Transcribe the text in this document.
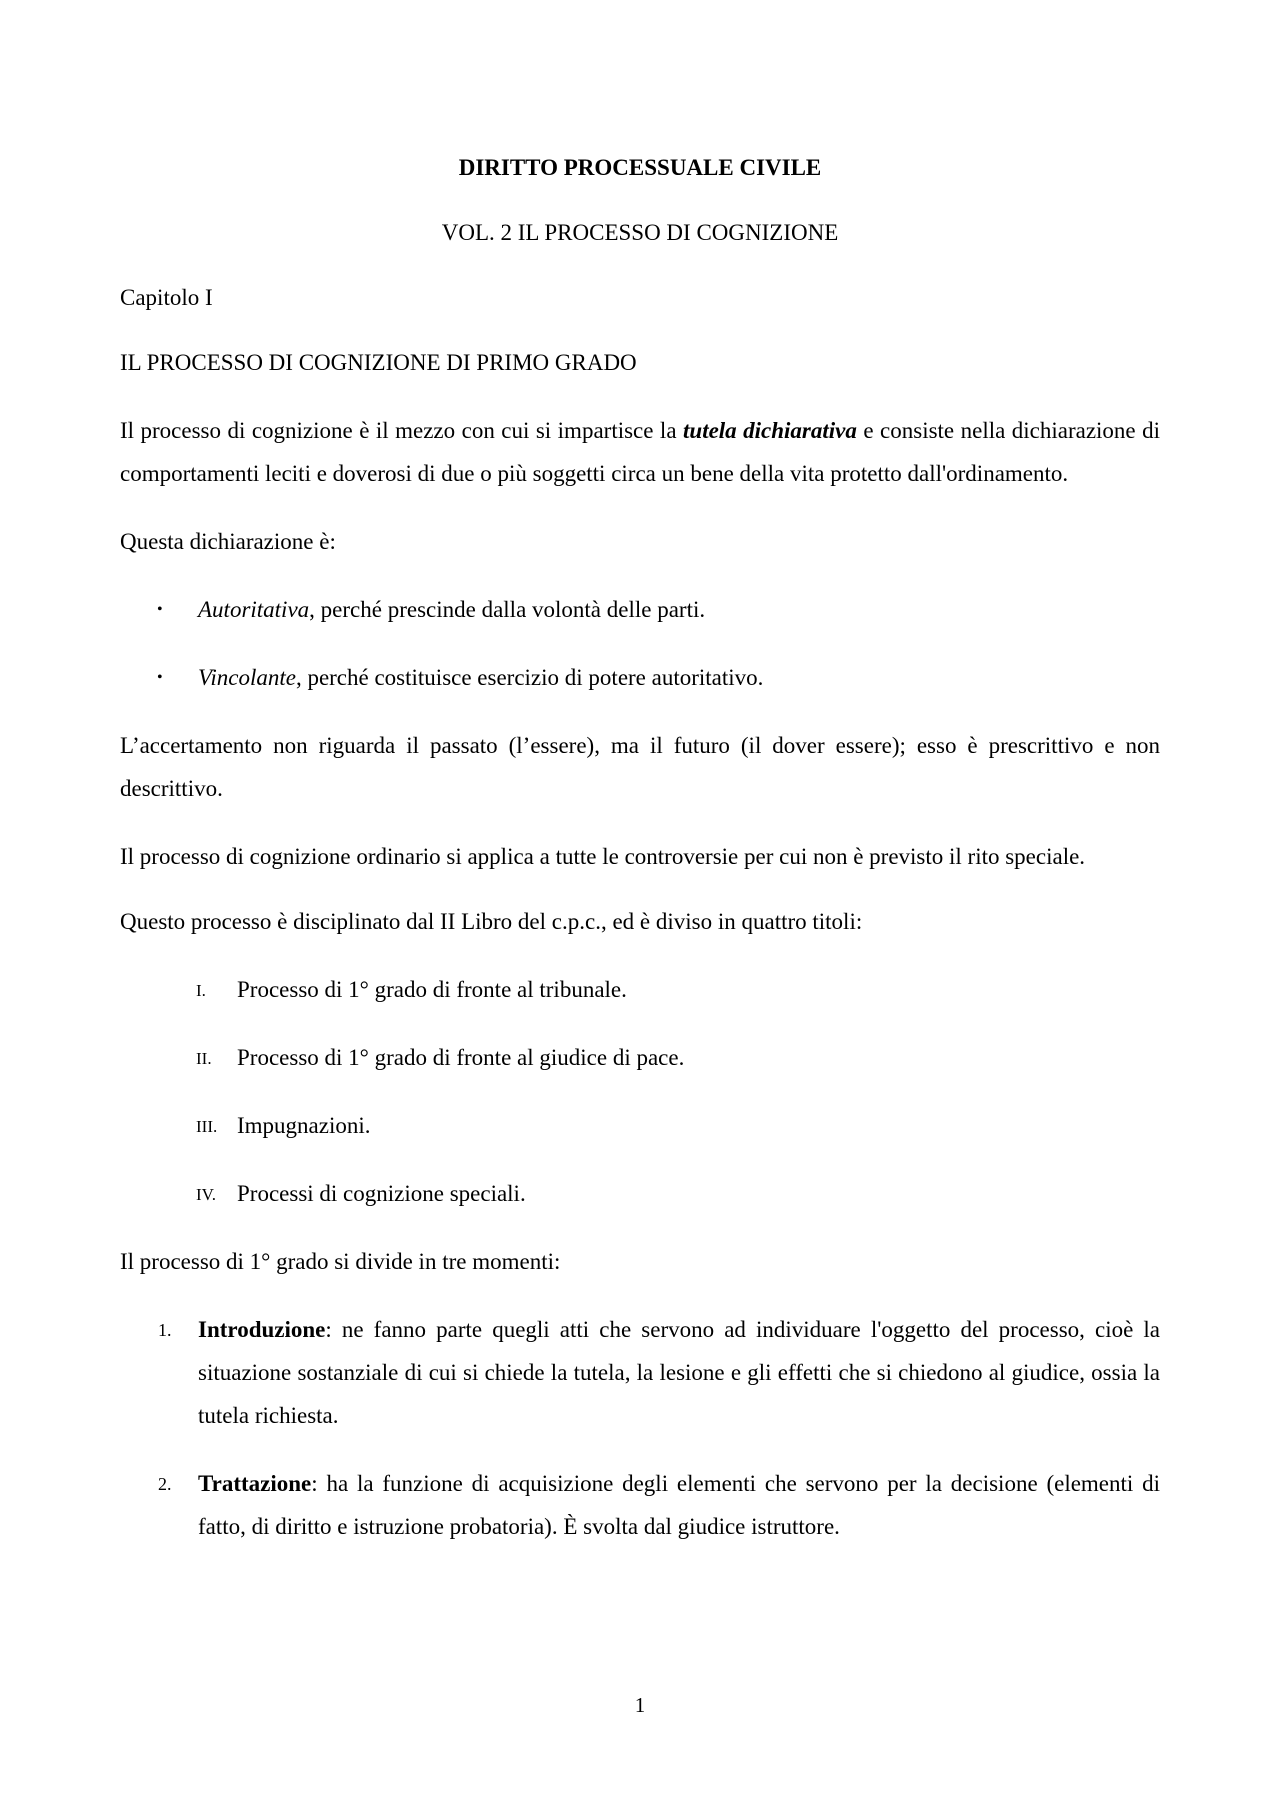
DIRITTO PROCESSUALE CIVILE

VOL. 2 IL PROCESSO DI COGNIZIONE

Capitolo I

IL PROCESSO DI COGNIZIONE DI PRIMO GRADO

Il processo di cognizione è il mezzo con cui si impartisce la tutela dichiarativa e consiste nella dichiarazione di comportamenti leciti e doverosi di due o più soggetti circa un bene della vita protetto dall'ordinamento.

Questa dichiarazione è:

• Autoritativa, perché prescinde dalla volontà delle parti.
• Vincolante, perché costituisce esercizio di potere autoritativo.

L’accertamento non riguarda il passato (l’essere), ma il futuro (il dover essere); esso è prescrittivo e non descrittivo.

Il processo di cognizione ordinario si applica a tutte le controversie per cui non è previsto il rito speciale.

Questo processo è disciplinato dal II Libro del c.p.c., ed è diviso in quattro titoli:

I. Processo di 1° grado di fronte al tribunale.
II. Processo di 1° grado di fronte al giudice di pace.
III. Impugnazioni.
IV. Processi di cognizione speciali.

Il processo di 1° grado si divide in tre momenti:

1. Introduzione: ne fanno parte quegli atti che servono ad individuare l'oggetto del processo, cioè la situazione sostanziale di cui si chiede la tutela, la lesione e gli effetti che si chiedono al giudice, ossia la tutela richiesta.
2. Trattazione: ha la funzione di acquisizione degli elementi che servono per la decisione (elementi di fatto, di diritto e istruzione probatoria). È svolta dal giudice istruttore.
1
